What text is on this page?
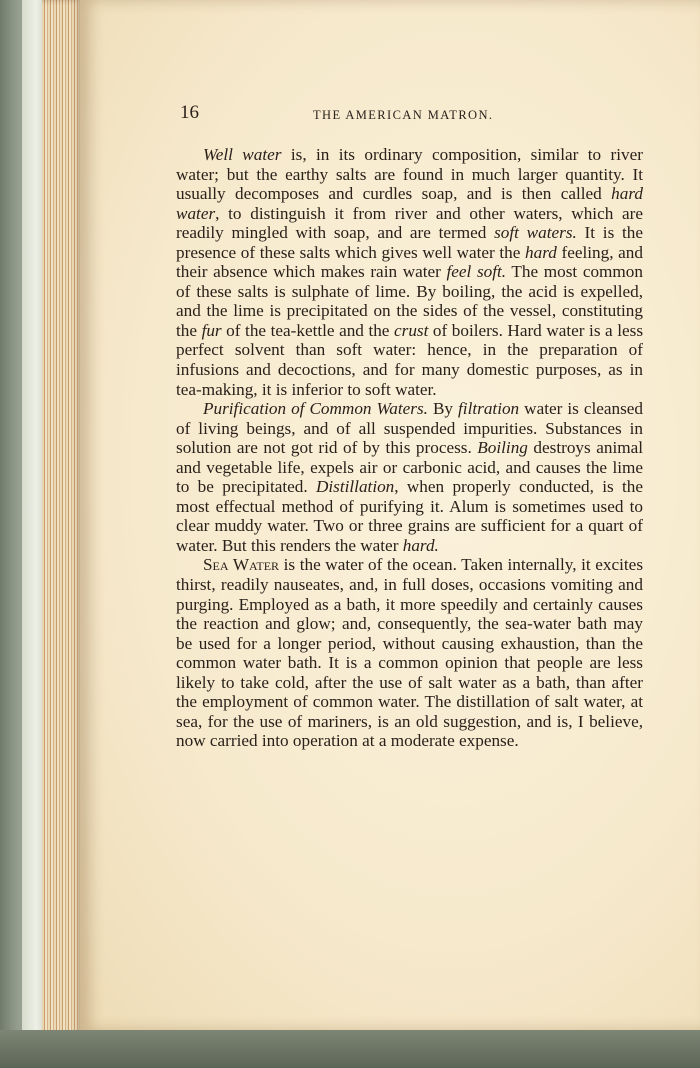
16	THE AMERICAN MATRON.

Well water is, in its ordinary composition, similar to river water; but the earthy salts are found in much larger quantity. It usually decomposes and curdles soap, and is then called hard water, to distinguish it from river and other waters, which are readily mingled with soap, and are termed soft waters. It is the presence of these salts which gives well water the hard feeling, and their absence which makes rain water feel soft. The most common of these salts is sulphate of lime. By boiling, the acid is expelled, and the lime is precipitated on the sides of the vessel, constituting the fur of the tea-kettle and the crust of boilers. Hard water is a less perfect solvent than soft water: hence, in the preparation of infusions and decoctions, and for many domestic purposes, as in tea-making, it is inferior to soft water.

Purification of Common Waters. By filtration water is cleansed of living beings, and of all suspended impurities. Substances in solution are not got rid of by this process. Boiling destroys animal and vegetable life, expels air or carbonic acid, and causes the lime to be precipitated. Distillation, when properly conducted, is the most effectual method of purifying it. Alum is sometimes used to clear muddy water. Two or three grains are sufficient for a quart of water. But this renders the water hard.

Sea Water is the water of the ocean. Taken internally, it excites thirst, readily nauseates, and, in full doses, occasions vomiting and purging. Employed as a bath, it more speedily and certainly causes the reaction and glow; and, consequently, the sea-water bath may be used for a longer period, without causing exhaustion, than the common water bath. It is a common opinion that people are less likely to take cold, after the use of salt water as a bath, than after the employment of common water. The distillation of salt water, at sea, for the use of mariners, is an old suggestion, and is, I believe, now carried into operation at a moderate expense.
